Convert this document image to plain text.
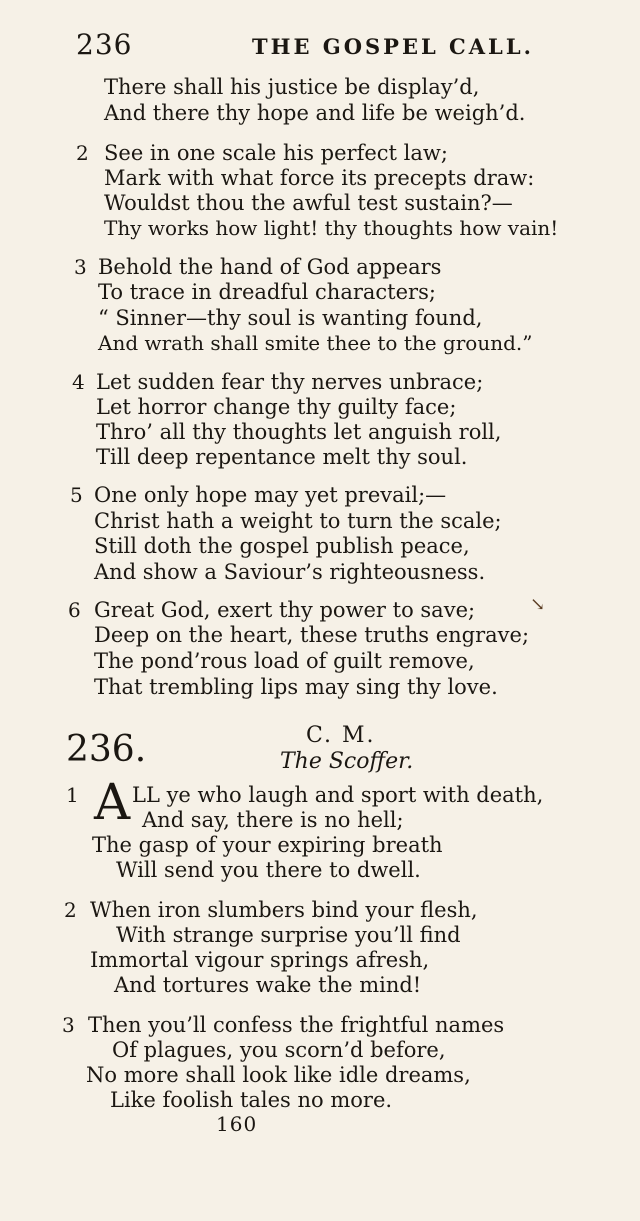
236	THE GOSPEL CALL.
There shall his justice be display’d,
And there thy hope and life be weigh’d.
2 See in one scale his perfect law;
Mark with what force its precepts draw:
Wouldst thou the awful test sustain?—
Thy works how light! thy thoughts how vain!
3 Behold the hand of God appears
To trace in dreadful characters;
“ Sinner—thy soul is wanting found,
And wrath shall smite thee to the ground.”
4 Let sudden fear thy nerves unbrace;
Let horror change thy guilty face;
Thro’ all thy thoughts let anguish roll,
Till deep repentance melt thy soul.
5 One only hope may yet prevail;—
Christ hath a weight to turn the scale;
Still doth the gospel publish peace,
And show a Saviour’s righteousness.
6 Great God, exert thy power to save;
Deep on the heart, these truths engrave;
The pond’rous load of guilt remove,
That trembling lips may sing thy love.
↘
236.	C. M.
The Scoffer.
1 A LL ye who laugh and sport with death,
And say, there is no hell;
The gasp of your expiring breath
Will send you there to dwell.
2 When iron slumbers bind your flesh,
With strange surprise you’ll find
Immortal vigour springs afresh,
And tortures wake the mind!
3 Then you’ll confess the frightful names
Of plagues, you scorn’d before,
No more shall look like idle dreams,
Like foolish tales no more.
160
